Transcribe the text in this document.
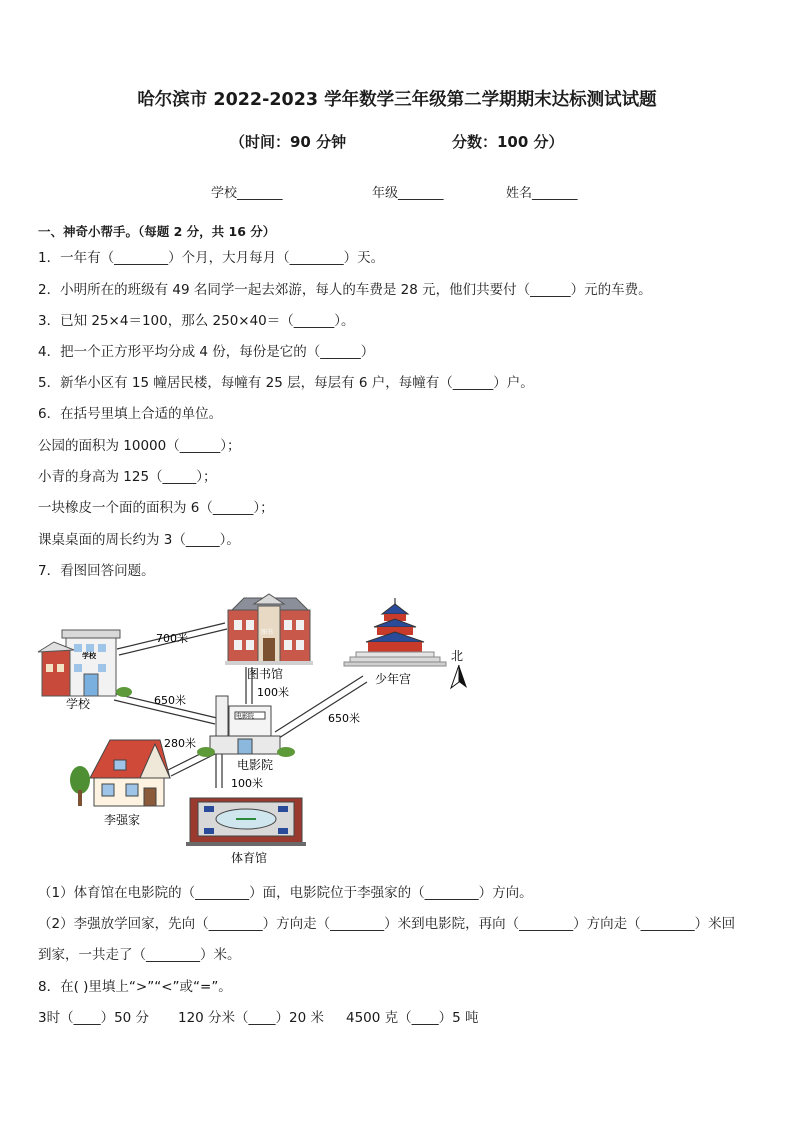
哈尔滨市 2022-2023 学年数学三年级第二学期期末达标测试试题
（时间：90 分钟	分数：100 分）
学校_______	年级_______	姓名_______
一、神奇小帮手。（每题 2 分，共 16 分）
1．一年有（________）个月，大月每月（________）天。
2．小明所在的班级有 49 名同学一起去郊游，每人的车费是 28 元，他们共要付（______）元的车费。
3．已知 25×4＝100，那么 250×40＝（______）。
4．把一个正方形平均分成 4 份，每份是它的（______）
5．新华小区有 15 幢居民楼，每幢有 25 层，每层有 6 户，每幢有（______）户。
6．在括号里填上合适的单位。
公园的面积为 10000（______）；
小青的身高为 125（_____）；
一块橡皮一个面的面积为 6（______）；
课桌桌面的周长约为 3（_____）。
7．看图回答问题。
学校
学校
图书
图书馆	少年宫
北
电影院
电影院
李强家
体育馆
700米
650米
100米
650米
280米
100米
（1）体育馆在电影院的（________）面，电影院位于李强家的（________）方向。
（2）李强放学回家，先向（________）方向走（________）米到电影院，再向（________）方向走（________）米回
到家，一共走了（________）米。
8．在( )里填上“>”“<”或“=”。
3时（____）50 分 120 分米（____）20 米 4500 克（____）5 吨
